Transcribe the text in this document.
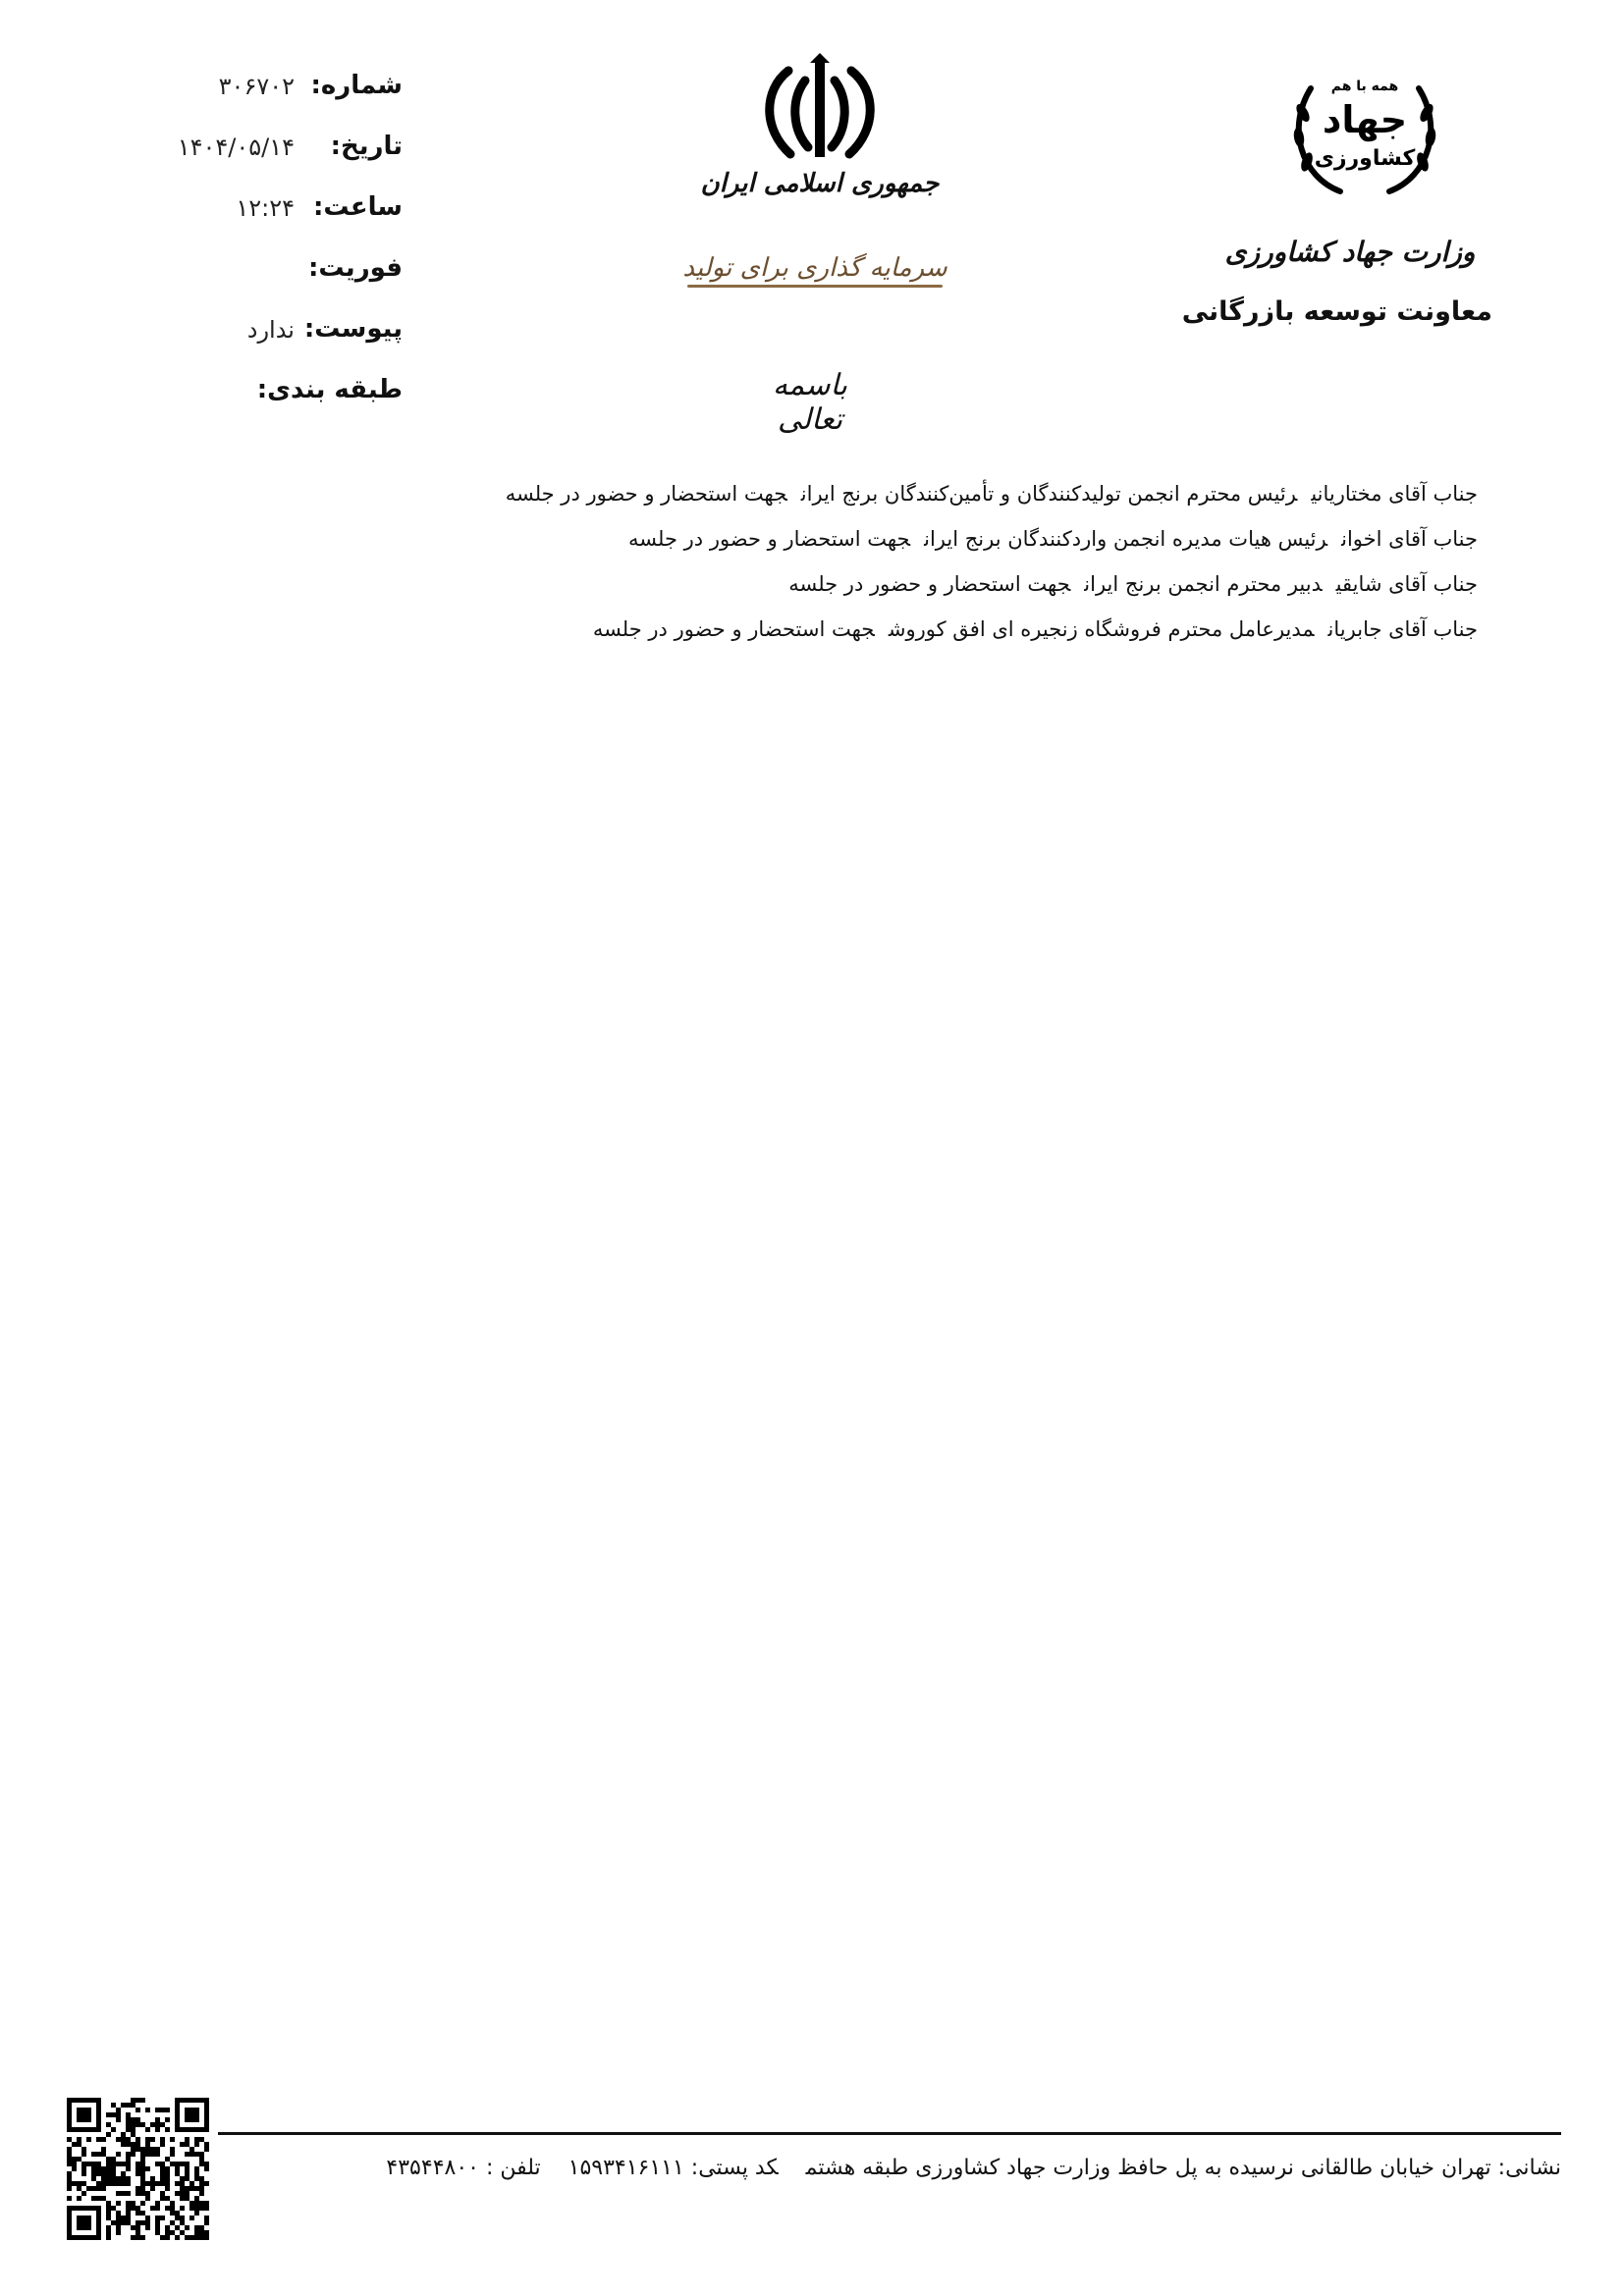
شماره:
۳۰۶۷۰۲
تاریخ:
۱۴۰۴/۰۵/۱۴
ساعت:
۱۲:۲۴
فوریت:
پیوست:
ندارد
طبقه بندی:
جمهوری اسلامی ایران
سرمایه گذاری برای تولید
باسمه تعالی
همه با هم
جهاد
کشاورزی
وزارت جهاد کشاورزی
معاونت توسعه بازرگانی
جناب آقای مختاریانیرئیس محترم انجمن تولیدکنندگان و تأمین‌کنندگان برنج ایرانجهت استحضار و حضور در جلسه
جناب آقای اخوانرئیس هیات مدیره انجمن واردکنندگان برنج ایرانجهت استحضار و حضور در جلسه
جناب آقای شایقیدبیر محترم انجمن برنج ایرانجهت استحضار و حضور در جلسه
جناب آقای جابریانمدیرعامل محترم فروشگاه زنجیره ای افق کوروشجهت استحضار و حضور در جلسه
نشانی: تهران خیابان طالقانی نرسیده به پل حافظ وزارت جهاد کشاورزی طبقه هشتمکد پستی: ۱۵۹۳۴۱۶۱۱۱تلفن : ۴۳۵۴۴۸۰۰
